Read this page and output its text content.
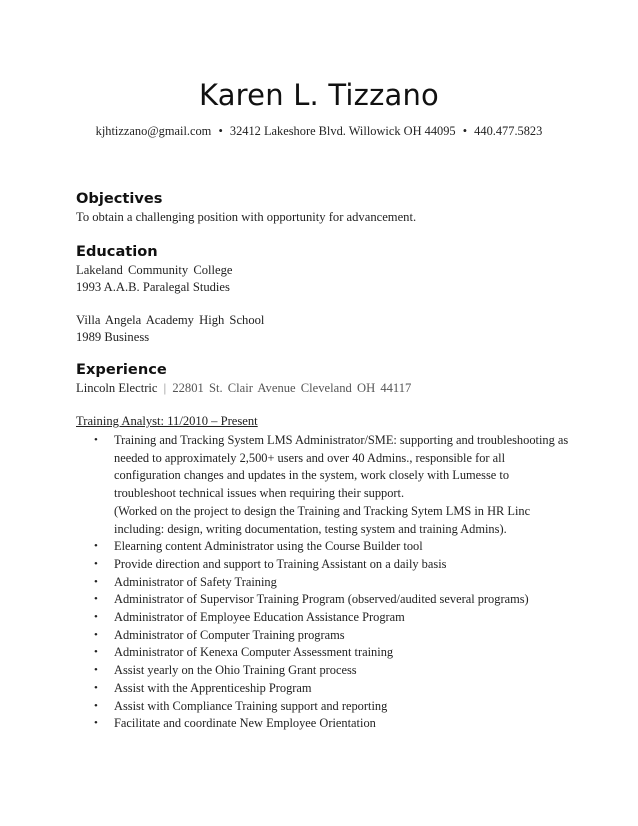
Karen L. Tizzano
kjhtizzano@gmail.com • 32412 Lakeshore Blvd. Willowick OH 44095 • 440.477.5823
Objectives
To obtain a challenging position with opportunity for advancement.
Education
Lakeland Community College
1993 A.A.B. Paralegal Studies
Villa Angela Academy High School
1989 Business
Experience
Lincoln Electric | 22801 St. Clair Avenue Cleveland OH 44117
Training Analyst: 11/2010 – Present
• Training and Tracking System LMS Administrator/SME: supporting and troubleshooting as needed to approximately 2,500+ users and over 40 Admins., responsible for all configuration changes and updates in the system, work closely with Lumesse to troubleshoot technical issues when requiring their support.
(Worked on the project to design the Training and Tracking Sytem LMS in HR Linc including: design, writing documentation, testing system and training Admins).
• Elearning content Administrator using the Course Builder tool
• Provide direction and support to Training Assistant on a daily basis
• Administrator of Safety Training
• Administrator of Supervisor Training Program (observed/audited several programs)
• Administrator of Employee Education Assistance Program
• Administrator of Computer Training programs
• Administrator of Kenexa Computer Assessment training
• Assist yearly on the Ohio Training Grant process
• Assist with the Apprenticeship Program
• Assist with Compliance Training support and reporting
• Facilitate and coordinate New Employee Orientation
